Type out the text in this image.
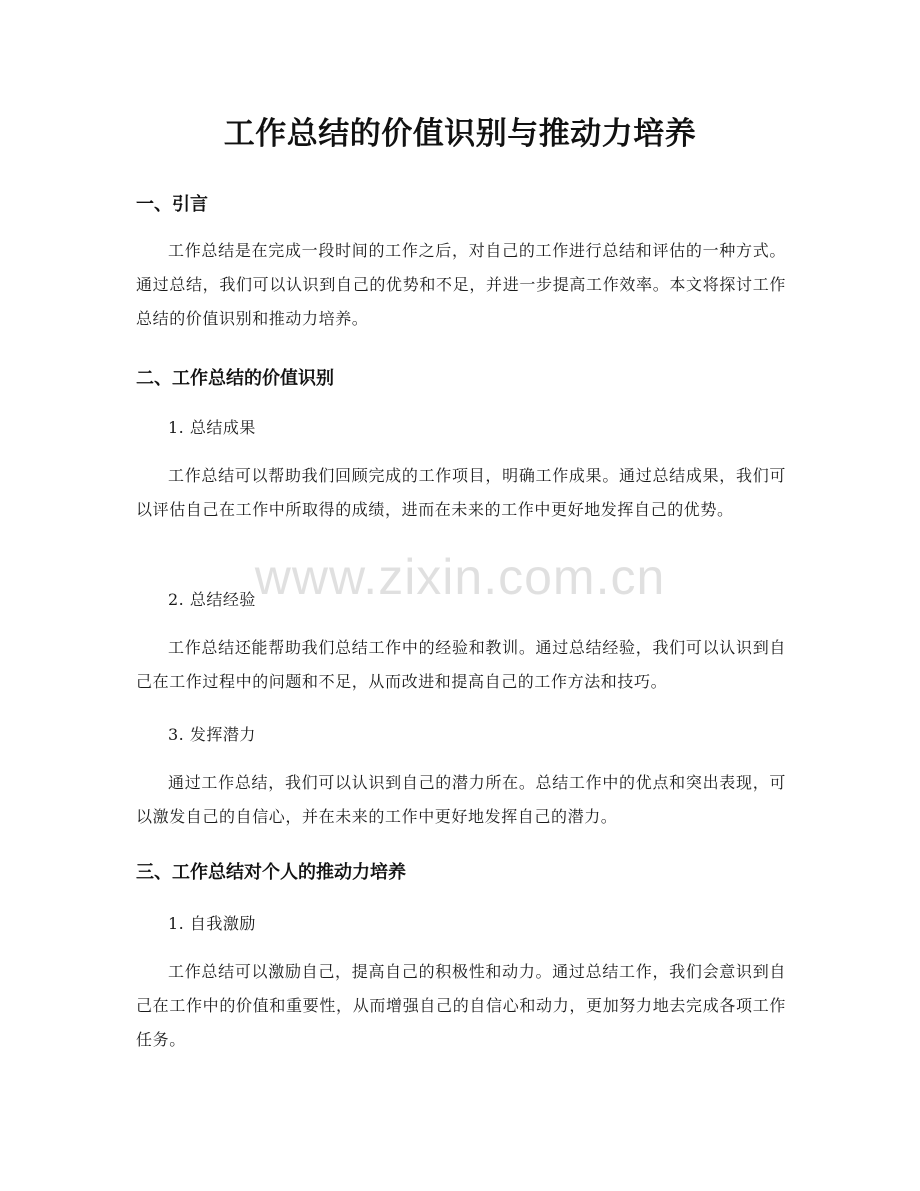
工作总结的价值识别与推动力培养
一、引言

工作总结是在完成一段时间的工作之后，对自己的工作进行总结和评估的一种方式。通过总结，我们可以认识到自己的优势和不足，并进一步提高工作效率。本文将探讨工作总结的价值识别和推动力培养。

二、工作总结的价值识别

1. 总结成果

工作总结可以帮助我们回顾完成的工作项目，明确工作成果。通过总结成果，我们可以评估自己在工作中所取得的成绩，进而在未来的工作中更好地发挥自己的优势。

2. 总结经验

工作总结还能帮助我们总结工作中的经验和教训。通过总结经验，我们可以认识到自己在工作过程中的问题和不足，从而改进和提高自己的工作方法和技巧。

3. 发挥潜力

通过工作总结，我们可以认识到自己的潜力所在。总结工作中的优点和突出表现，可以激发自己的自信心，并在未来的工作中更好地发挥自己的潜力。

三、工作总结对个人的推动力培养

1. 自我激励

工作总结可以激励自己，提高自己的积极性和动力。通过总结工作，我们会意识到自己在工作中的价值和重要性，从而增强自己的自信心和动力，更加努力地去完成各项工作任务。

www.zixin.com.cn
